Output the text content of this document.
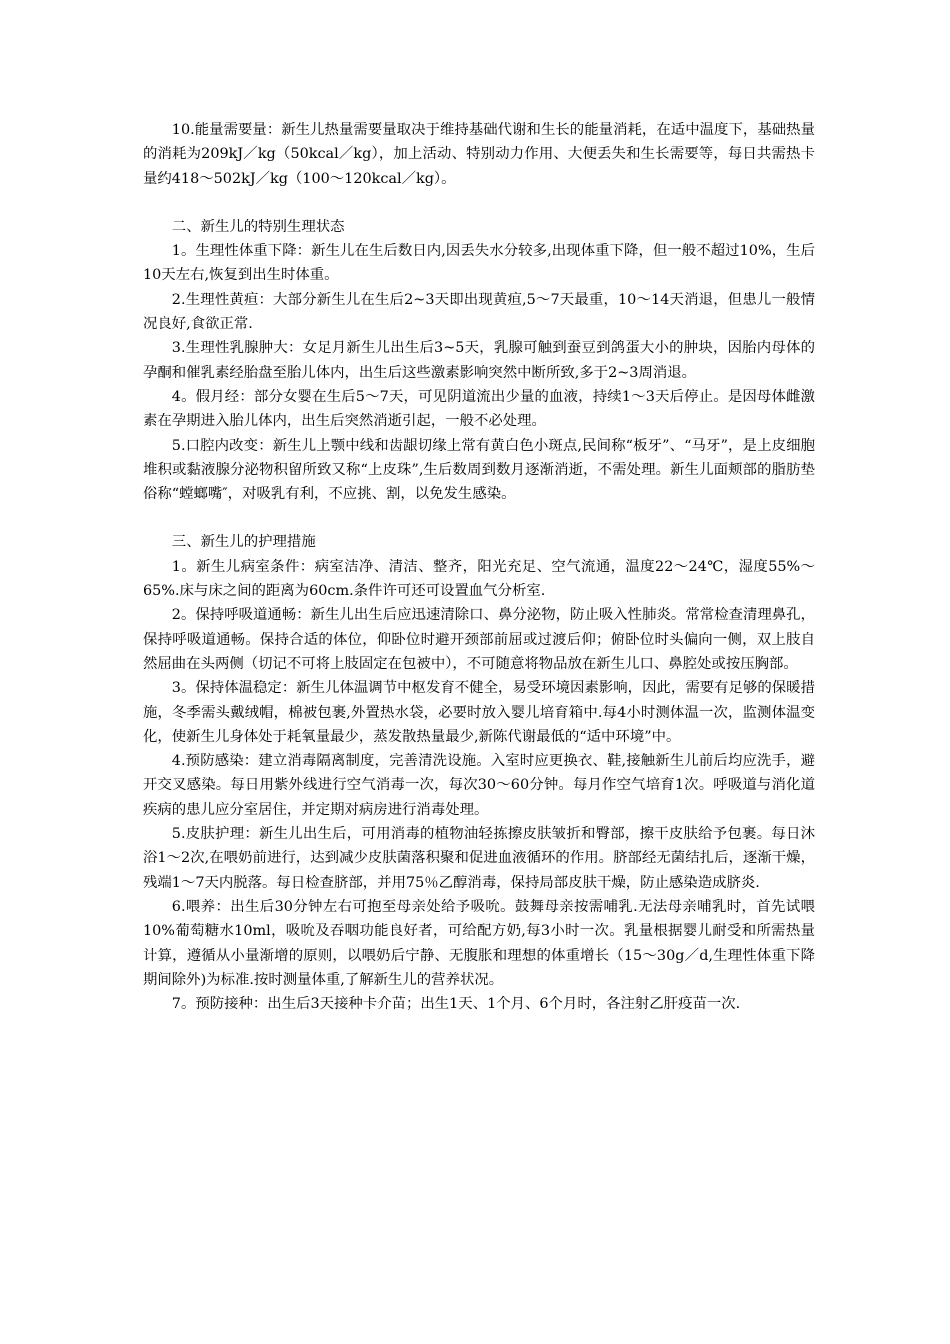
10.能量需要量：新生儿热量需要量取决于维持基础代谢和生长的能量消耗，在适中温度下，基础热量的消耗为209kJ／kg（50kcal／kg），加上活动、特别动力作用、大便丢失和生长需要等，每日共需热卡量约418～502kJ／kg（100～120kcal／kg）。

二、新生儿的特别生理状态

1。生理性体重下降：新生儿在生后数日内,因丢失水分较多,出现体重下降，但一般不超过10%，生后10天左右,恢复到出生时体重。

2.生理性黄疸：大部分新生儿在生后2~3天即出现黄疸,5～7天最重，10～14天消退，但患儿一般情况良好,食欲正常.

3.生理性乳腺肿大：女足月新生儿出生后3~5天，乳腺可触到蚕豆到鸽蛋大小的肿块，因胎内母体的孕酮和催乳素经胎盘至胎儿体内，出生后这些激素影响突然中断所致,多于2~3周消退。

4。假月经：部分女婴在生后5～7天，可见阴道流出少量的血液，持续1～3天后停止。是因母体雌激素在孕期进入胎儿体内，出生后突然消逝引起，一般不必处理。

5.口腔内改变：新生儿上颚中线和齿龈切缘上常有黄白色小斑点,民间称“板牙”、“马牙”，是上皮细胞堆积或黏液腺分泌物积留所致又称“上皮珠”,生后数周到数月逐渐消逝，不需处理。新生儿面颊部的脂肪垫俗称“螳螂嘴″，对吸乳有利，不应挑、割，以免发生感染。

三、新生儿的护理措施

1。新生儿病室条件：病室洁净、清洁、整齐，阳光充足、空气流通，温度22～24℃，湿度55%～65%.床与床之间的距离为60cm.条件许可还可设置血气分析室.

2。保持呼吸道通畅：新生儿出生后应迅速清除口、鼻分泌物，防止吸入性肺炎。常常检查清理鼻孔，保持呼吸道通畅。保持合适的体位，仰卧位时避开颈部前屈或过渡后仰；俯卧位时头偏向一侧，双上肢自然屈曲在头两侧（切记不可将上肢固定在包被中），不可随意将物品放在新生儿口、鼻腔处或按压胸部。

3。保持体温稳定：新生儿体温调节中枢发育不健全，易受环境因素影响，因此，需要有足够的保暖措施，冬季需头戴绒帽，棉被包裹,外置热水袋，必要时放入婴儿培育箱中.每4小时测体温一次，监测体温变化，使新生儿身体处于耗氧量最少，蒸发散热量最少,新陈代谢最低的“适中环境”中。

4.预防感染：建立消毒隔离制度，完善清洗设施。入室时应更换衣、鞋,接触新生儿前后均应洗手，避开交叉感染。每日用紫外线进行空气消毒一次，每次30～60分钟。每月作空气培育1次。呼吸道与消化道疾病的患儿应分室居住，并定期对病房进行消毒处理。

5.皮肤护理：新生儿出生后，可用消毒的植物油轻拣擦皮肤皱折和臀部，擦干皮肤给予包裹。每日沐浴1～2次,在喂奶前进行，达到减少皮肤菌落积聚和促进血液循环的作用。脐部经无菌结扎后，逐渐干燥，残端1～7天内脱落。每日检查脐部，并用75％乙醇消毒，保持局部皮肤干燥，防止感染造成脐炎.

6.喂养：出生后30分钟左右可抱至母亲处给予吸吮。鼓舞母亲按需哺乳.无法母亲哺乳时，首先试喂10%葡萄糖水10ml，吸吮及吞咽功能良好者，可给配方奶,每3小时一次。乳量根据婴儿耐受和所需热量计算，遵循从小量渐增的原则，以喂奶后宁静、无腹胀和理想的体重增长（15～30g／d,生理性体重下降期间除外)为标准.按时测量体重,了解新生儿的营养状况。

7。预防接种：出生后3天接种卡介苗；出生1天、1个月、6个月时，各注射乙肝疫苗一次.
